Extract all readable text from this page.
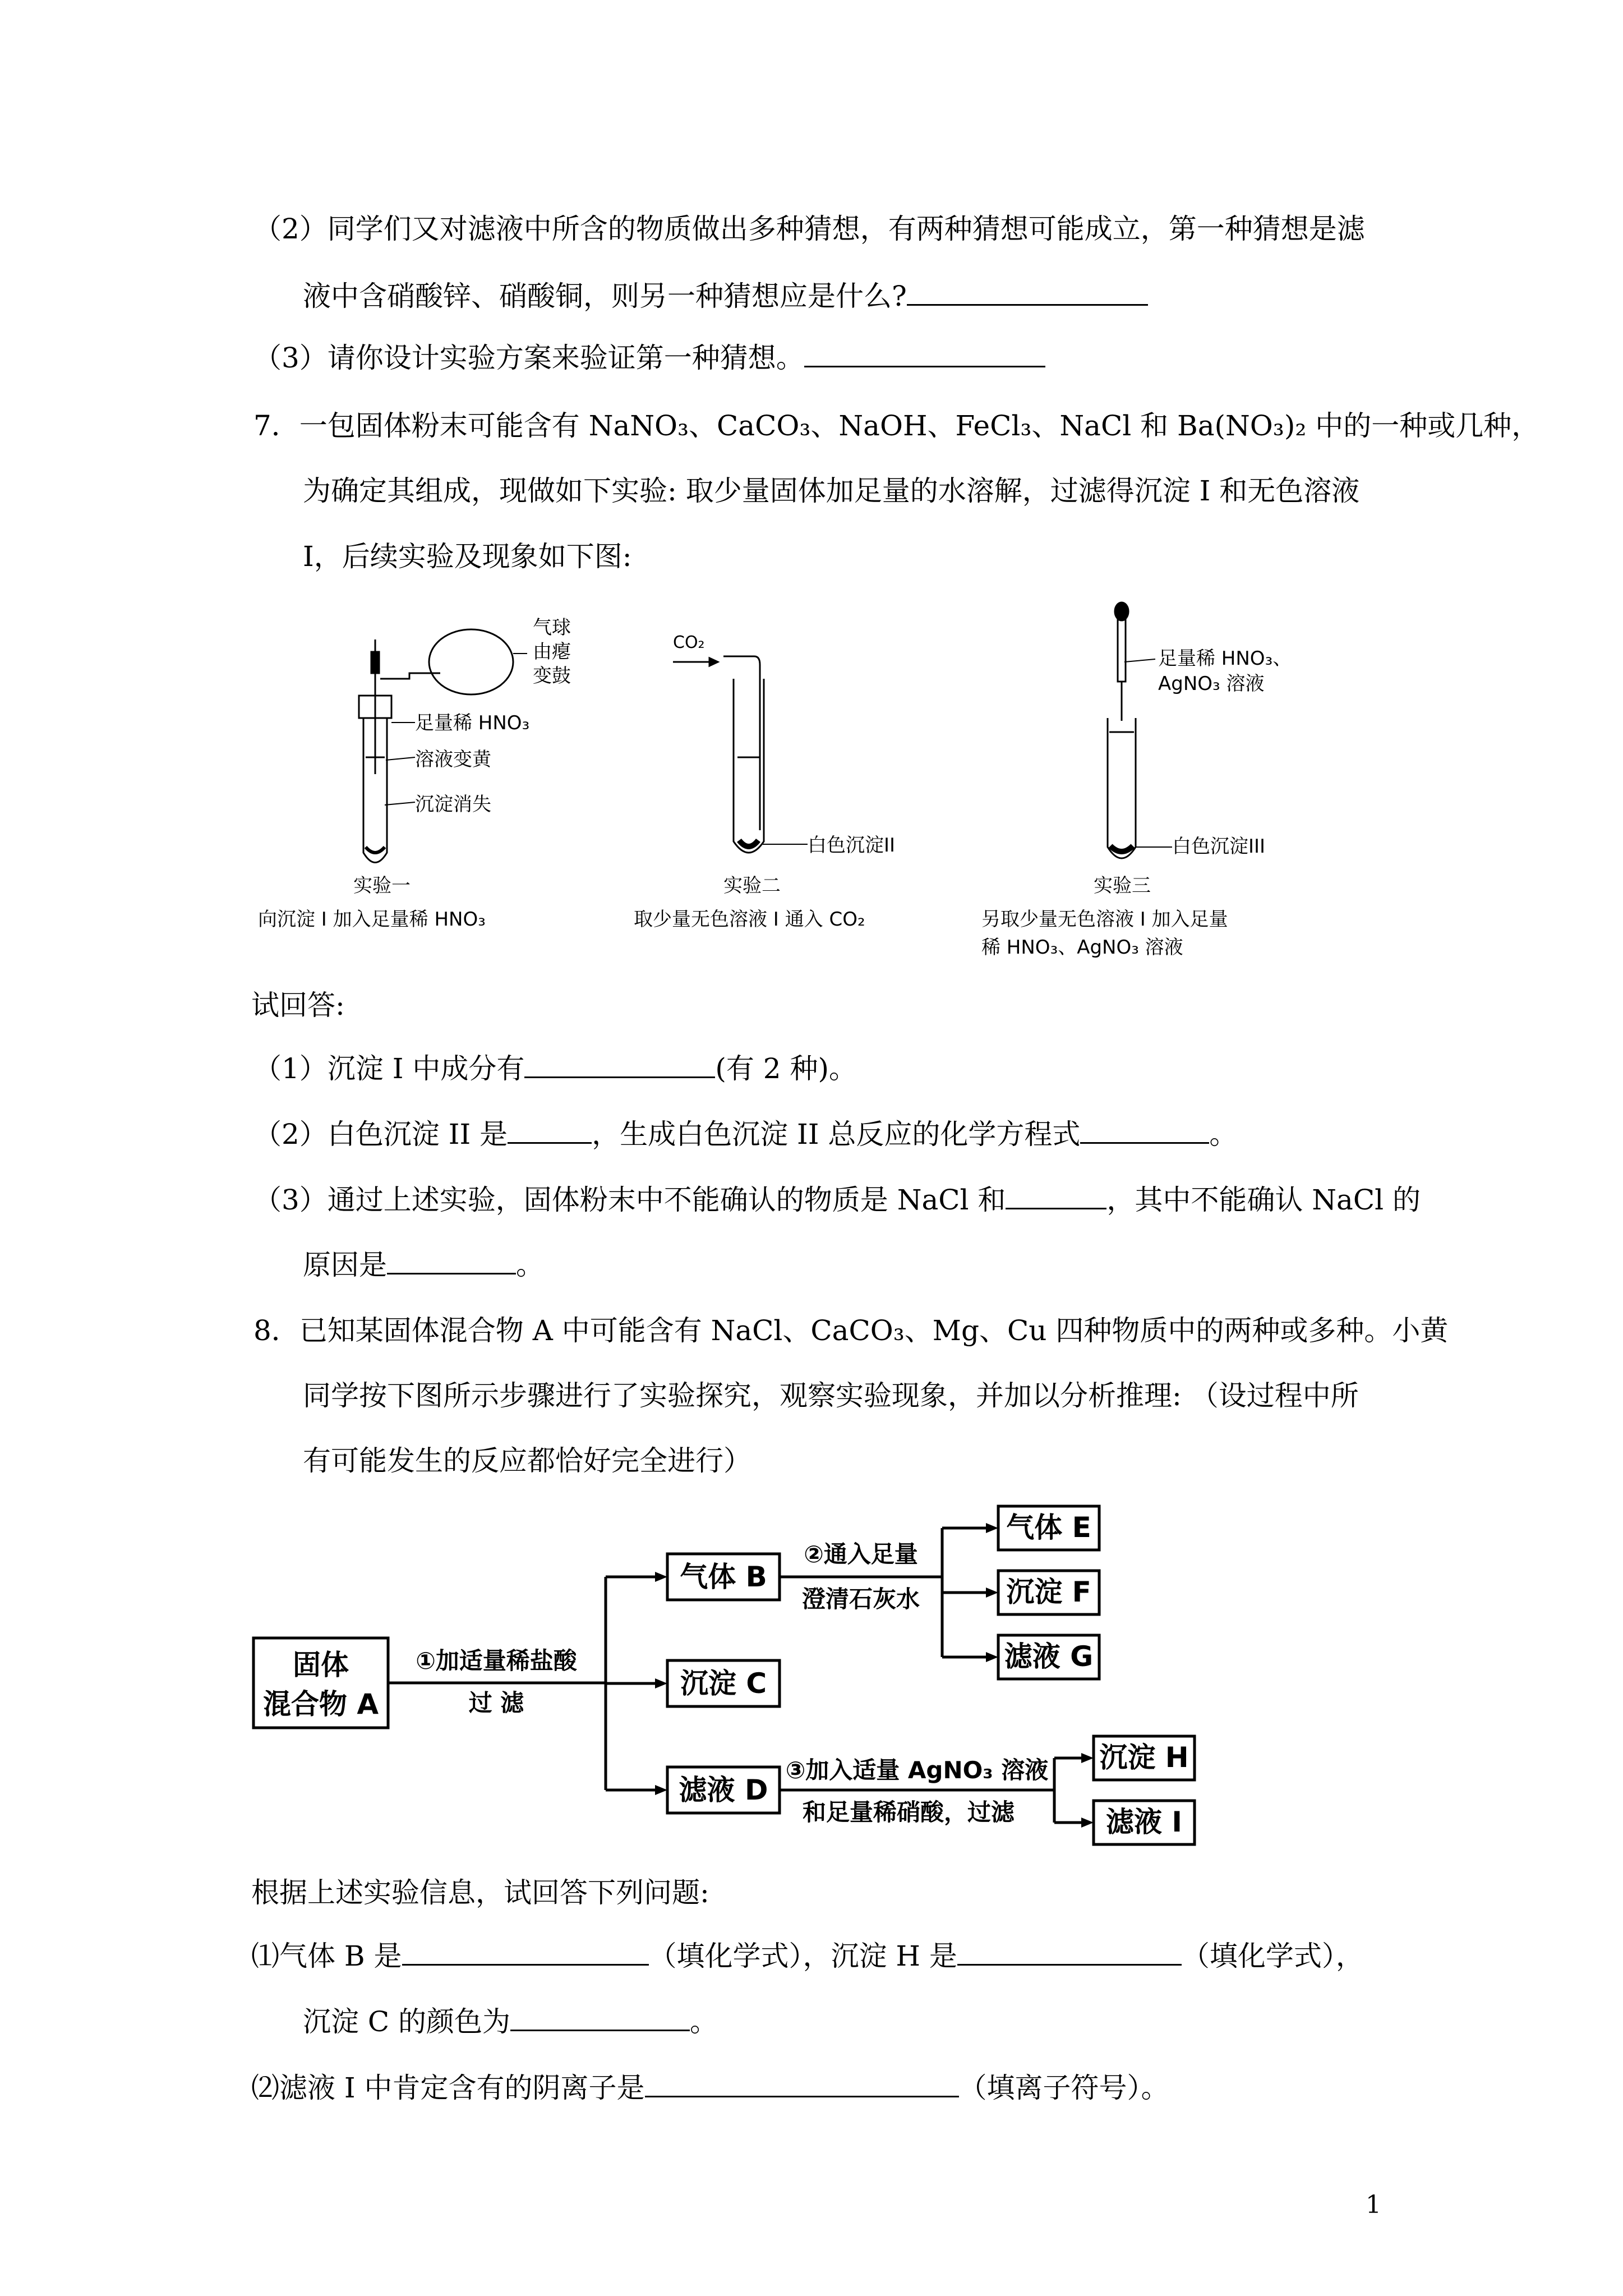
（2）同学们又对滤液中所含的物质做出多种猜想，有两种猜想可能成立，第一种猜想是滤
液中含硝酸锌、硝酸铜，则另一种猜想应是什么?
（3）请你设计实验方案来验证第一种猜想。
7．一包固体粉末可能含有 NaNO₃、CaCO₃、NaOH、FeCl₃、NaCl 和 Ba(NO₃)₂ 中的一种或几种，
为确定其组成，现做如下实验: 取少量固体加足量的水溶解，过滤得沉淀 I 和无色溶液
I，后续实验及现象如下图:
气球
由瘪
变鼓
足量稀 HNO₃
溶液变黄
沉淀消失
实验一
向沉淀 I 加入足量稀 HNO₃
CO₂
白色沉淀II
实验二
取少量无色溶液 I 通入 CO₂
足量稀 HNO₃、
AgNO₃ 溶液
白色沉淀III
实验三
另取少量无色溶液 I 加入足量
稀 HNO₃、AgNO₃ 溶液
试回答:
（1）沉淀 I 中成分有	(有 2 种)。
（2）白色沉淀 II 是	，生成白色沉淀 II 总反应的化学方程式	。
（3）通过上述实验，固体粉末中不能确认的物质是 NaCl 和	，其中不能确认 NaCl 的
原因是	。
8．已知某固体混合物 A 中可能含有 NaCl、CaCO₃、Mg、Cu 四种物质中的两种或多种。小黄
同学按下图所示步骤进行了实验探究，观察实验现象，并加以分析推理: （设过程中所
有可能发生的反应都恰好完全进行）
固体
混合物 A
气体 B
沉淀 C
滤液 D
气体 E
沉淀 F
滤液 G
沉淀 H
滤液 I
①加适量稀盐酸
过 滤
②通入足量
澄清石灰水
③加入适量 AgNO₃ 溶液
和足量稀硝酸，过滤
根据上述实验信息，试回答下列问题:
⑴气体 B 是	（填化学式），沉淀 H 是	（填化学式），
沉淀 C 的颜色为	。
⑵滤液 I 中肯定含有的阴离子是	（填离子符号）。
1
